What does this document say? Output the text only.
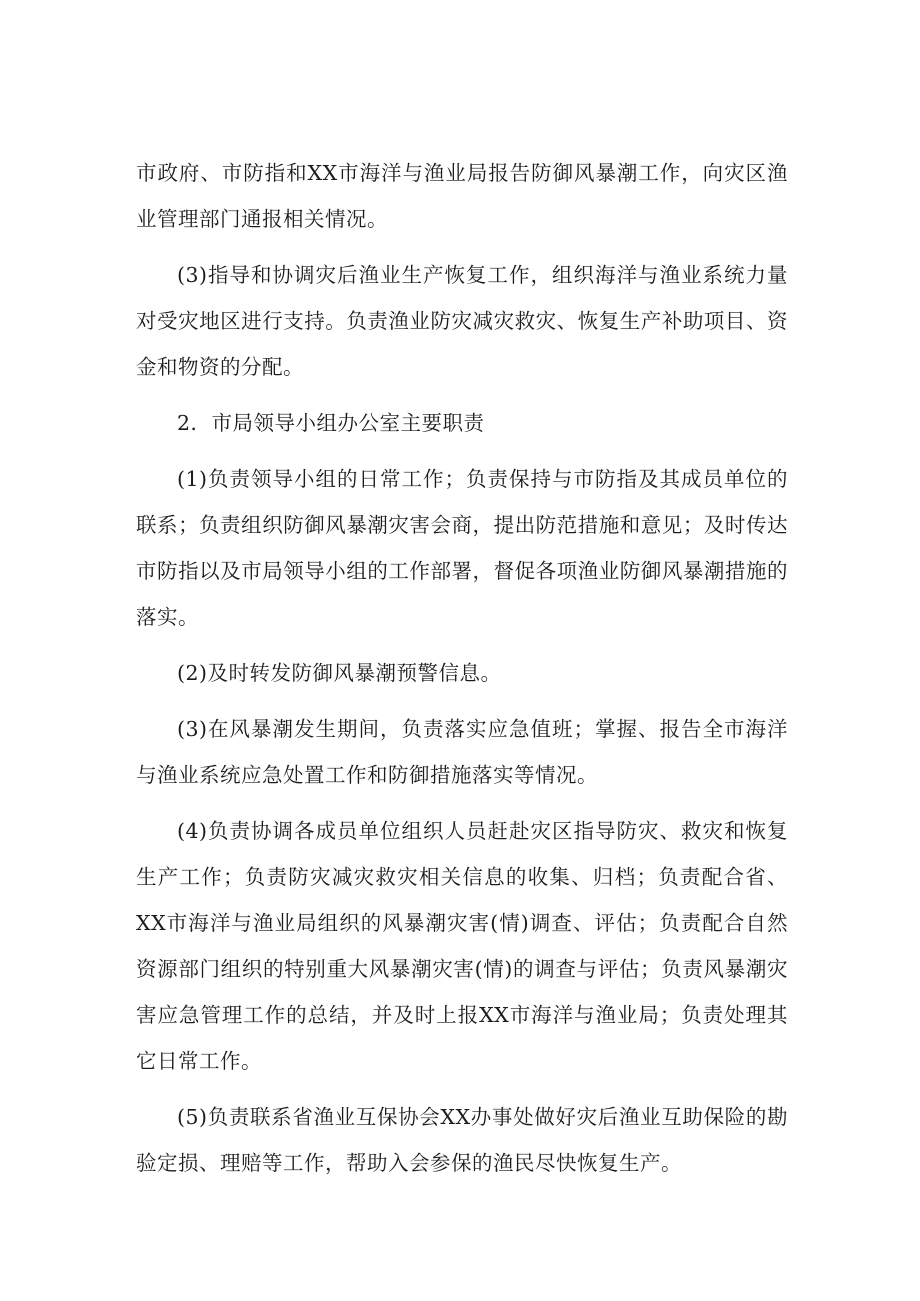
市政府、市防指和XX市海洋与渔业局报告防御风暴潮工作，向灾区渔业管理部门通报相关情况。

(3)指导和协调灾后渔业生产恢复工作，组织海洋与渔业系统力量对受灾地区进行支持。负责渔业防灾减灾救灾、恢复生产补助项目、资金和物资的分配。

2．市局领导小组办公室主要职责

(1)负责领导小组的日常工作；负责保持与市防指及其成员单位的联系；负责组织防御风暴潮灾害会商，提出防范措施和意见；及时传达市防指以及市局领导小组的工作部署，督促各项渔业防御风暴潮措施的落实。

(2)及时转发防御风暴潮预警信息。

(3)在风暴潮发生期间，负责落实应急值班；掌握、报告全市海洋与渔业系统应急处置工作和防御措施落实等情况。

(4)负责协调各成员单位组织人员赶赴灾区指导防灾、救灾和恢复生产工作；负责防灾减灾救灾相关信息的收集、归档；负责配合省、XX市海洋与渔业局组织的风暴潮灾害(情)调查、评估；负责配合自然资源部门组织的特别重大风暴潮灾害(情)的调查与评估；负责风暴潮灾害应急管理工作的总结，并及时上报XX市海洋与渔业局；负责处理其它日常工作。

(5)负责联系省渔业互保协会XX办事处做好灾后渔业互助保险的勘验定损、理赔等工作，帮助入会参保的渔民尽快恢复生产。
